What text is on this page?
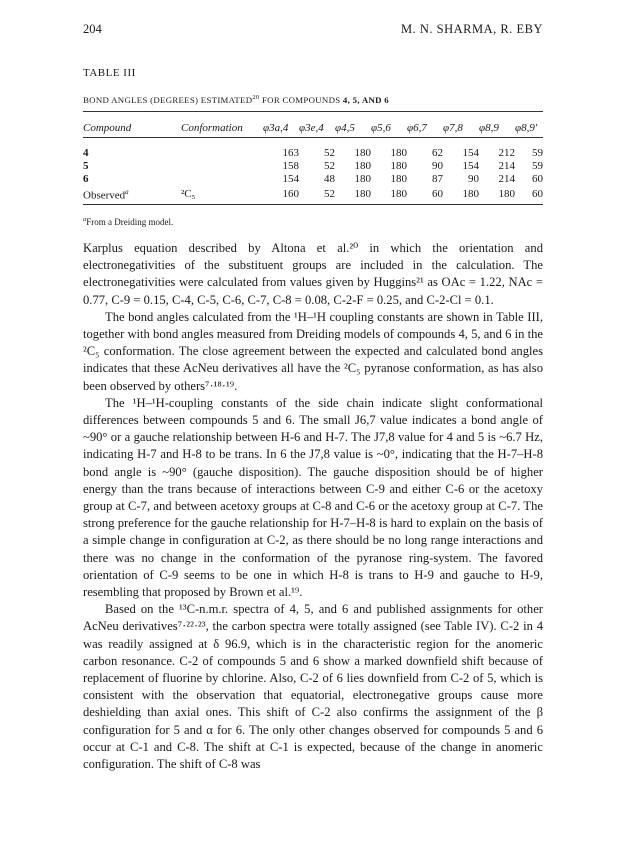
204	M. N. SHARMA, R. EBY
TABLE III
BOND ANGLES (DEGREES) ESTIMATED$^{20}$ FOR COMPOUNDS 4, 5, AND 6
Compound	Conformation	φ3a,4	φ3e,4	φ4,5	φ5,6	φ6,7	φ7,8	φ8,9	φ8,9′
4		163	52	180	180	62	154	212	59
5		158	52	180	180	90	154	214	59
6		154	48	180	180	87	90	214	60
Observed$^a$	²C₅	160	52	180	180	60	180	180	60
$^a$From a Dreiding model.

Karplus equation described by Altona et al.²⁰ in which the orientation and electronegativities of the substituent groups are included in the calculation. The electronegativities were calculated from values given by Huggins²¹ as OAc = 1.22, NAc = 0.77, C-9 = 0.15, C-4, C-5, C-6, C-7, C-8 = 0.08, C-2-F = 0.25, and C-2-Cl = 0.1.

The bond angles calculated from the ¹H–¹H coupling constants are shown in Table III, together with bond angles measured from Dreiding models of compounds 4, 5, and 6 in the ²C₅ conformation. The close agreement between the expected and calculated bond angles indicates that these AcNeu derivatives all have the ²C₅ pyranose conformation, as has also been observed by others⁷·¹⁸·¹⁹.

The ¹H–¹H-coupling constants of the side chain indicate slight conformational differences between compounds 5 and 6. The small J6,7 value indicates a bond angle of ~90° or a gauche relationship between H-6 and H-7. The J7,8 value for 4 and 5 is ~6.7 Hz, indicating H-7 and H-8 to be trans. In 6 the J7,8 value is ~0°, indicating that the H-7–H-8 bond angle is ~90° (gauche disposition). The gauche disposition should be of higher energy than the trans because of interactions between C-9 and either C-6 or the acetoxy group at C-7, and between acetoxy groups at C-8 and C-6 or the acetoxy group at C-7. The strong preference for the gauche relationship for H-7–H-8 is hard to explain on the basis of a simple change in configuration at C-2, as there should be no long range interactions and there was no change in the conformation of the pyranose ring-system. The favored orientation of C-9 seems to be one in which H-8 is trans to H-9 and gauche to H-9, resembling that proposed by Brown et al.¹⁹.

Based on the ¹³C-n.m.r. spectra of 4, 5, and 6 and published assignments for other AcNeu derivatives⁷·²²·²³, the carbon spectra were totally assigned (see Table IV). C-2 in 4 was readily assigned at δ 96.9, which is in the characteristic region for the anomeric carbon resonance. C-2 of compounds 5 and 6 show a marked downfield shift because of replacement of fluorine by chlorine. Also, C-2 of 6 lies downfield from C-2 of 5, which is consistent with the observation that equatorial, electronegative groups cause more deshielding than axial ones. This shift of C-2 also confirms the assignment of the β configuration for 5 and α for 6. The only other changes observed for compounds 5 and 6 occur at C-1 and C-8. The shift at C-1 is expected, because of the change in anomeric configuration. The shift of C-8 was
